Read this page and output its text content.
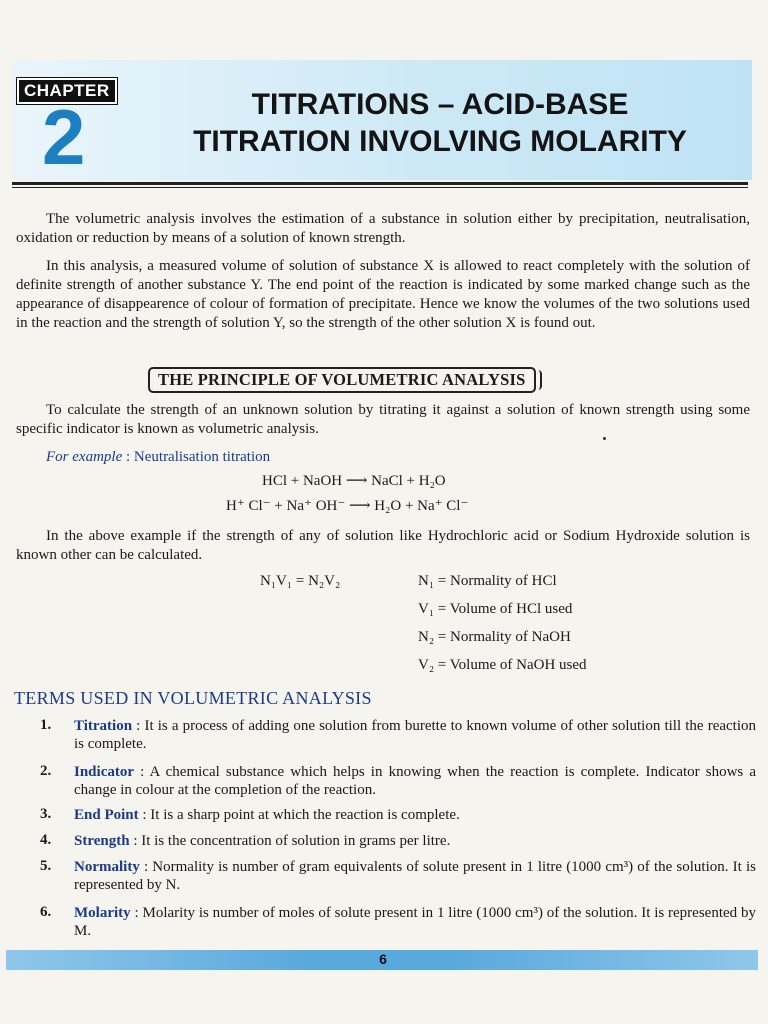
CHAPTER
2	TITRATIONS – ACID-BASE
TITRATION INVOLVING MOLARITY

The volumetric analysis involves the estimation of a substance in solution either by precipitation, neutralisation, oxidation or reduction by means of a solution of known strength.

In this analysis, a measured volume of solution of substance X is allowed to react completely with the solution of definite strength of another substance Y. The end point of the reaction is indicated by some marked change such as the appearance of disappearence of colour of formation of precipitate. Hence we know the volumes of the two solutions used in the reaction and the strength of solution Y, so the strength of the other solution X is found out.

THE PRINCIPLE OF VOLUMETRIC ANALYSIS

To calculate the strength of an unknown solution by titrating it against a solution of known strength using some specific indicator is known as volumetric analysis.

For example : Neutralisation titration
HCl + NaOH ⟶ NaCl + H₂O
H⁺ Cl⁻ + Na⁺ OH⁻ ⟶ H₂O + Na⁺ Cl⁻

In the above example if the strength of any of solution like Hydrochloric acid or Sodium Hydroxide solution is known other can be calculated.

N₁V₁ = N₂V₂	N₁ = Normality of HCl
V₁ = Volume of HCl used
N₂ = Normality of NaOH
V₂ = Volume of NaOH used
TERMS USED IN VOLUMETRIC ANALYSIS
1. Titration : It is a process of adding one solution from burette to known volume of other solution till the reaction is complete.
2. Indicator : A chemical substance which helps in knowing when the reaction is complete. Indicator shows a change in colour at the completion of the reaction.
3. End Point : It is a sharp point at which the reaction is complete.
4. Strength : It is the concentration of solution in grams per litre.
5. Normality : Normality is number of gram equivalents of solute present in 1 litre (1000 cm³) of the solution. It is represented by N.
6. Molarity : Molarity is number of moles of solute present in 1 litre (1000 cm³) of the solution. It is represented by M.
6
